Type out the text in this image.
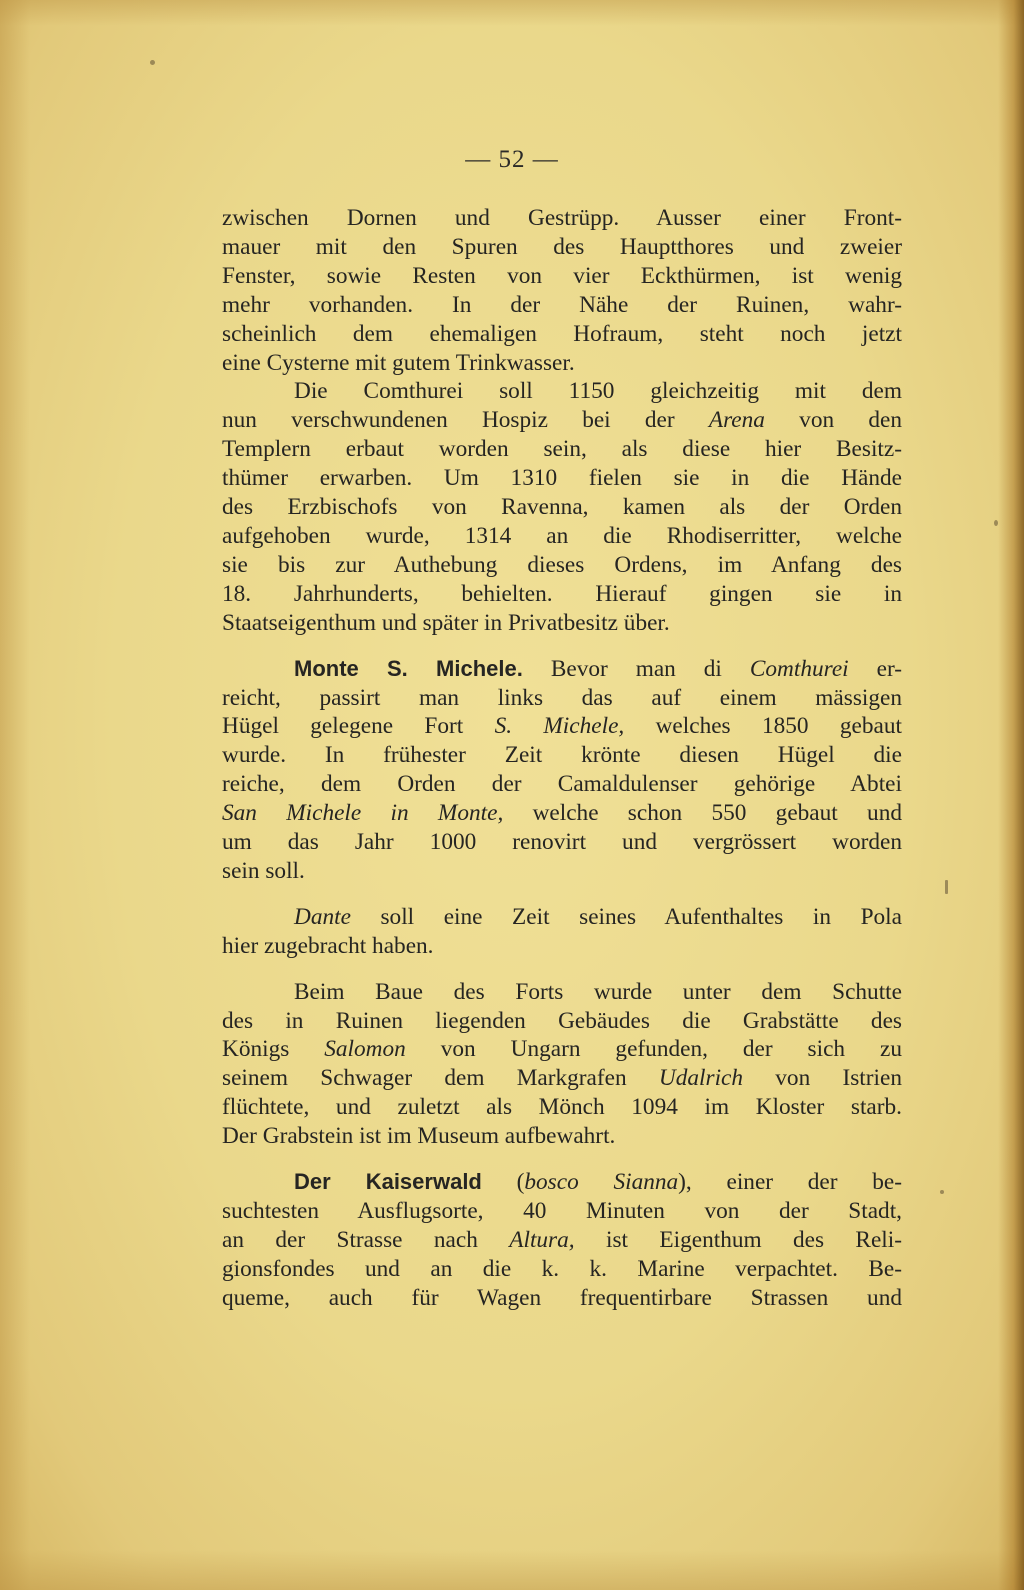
— 52 —

zwischen Dornen und Gestrüpp. Ausser einer Front-
mauer mit den Spuren des Hauptthores und zweier
Fenster, sowie Resten von vier Eckthürmen, ist wenig
mehr vorhanden. In der Nähe der Ruinen, wahr-
scheinlich dem ehemaligen Hofraum, steht noch jetzt
eine Cysterne mit gutem Trinkwasser.

Die Comthurei soll 1150 gleichzeitig mit dem
nun verschwundenen Hospiz bei der Arena von den
Templern erbaut worden sein, als diese hier Besitz-
thümer erwarben. Um 1310 fielen sie in die Hände
des Erzbischofs von Ravenna, kamen als der Orden
aufgehoben wurde, 1314 an die Rhodiserritter, welche
sie bis zur Authebung dieses Ordens, im Anfang des
18. Jahrhunderts, behielten. Hierauf gingen sie in
Staatseigenthum und später in Privatbesitz über.

Monte S. Michele. Bevor man di Comthurei er-
reicht, passirt man links das auf einem mässigen
Hügel gelegene Fort S. Michele, welches 1850 gebaut
wurde. In frühester Zeit krönte diesen Hügel die
reiche, dem Orden der Camaldulenser gehörige Abtei
San Michele in Monte, welche schon 550 gebaut und
um das Jahr 1000 renovirt und vergrössert worden
sein soll.

Dante soll eine Zeit seines Aufenthaltes in Pola
hier zugebracht haben.

Beim Baue des Forts wurde unter dem Schutte
des in Ruinen liegenden Gebäudes die Grabstätte des
Königs Salomon von Ungarn gefunden, der sich zu
seinem Schwager dem Markgrafen Udalrich von Istrien
flüchtete, und zuletzt als Mönch 1094 im Kloster starb.
Der Grabstein ist im Museum aufbewahrt.

Der Kaiserwald (bosco Sianna), einer der be-
suchtesten Ausflugsorte, 40 Minuten von der Stadt,
an der Strasse nach Altura, ist Eigenthum des Reli-
gionsfondes und an die k. k. Marine verpachtet. Be-
queme, auch für Wagen frequentirbare Strassen und
